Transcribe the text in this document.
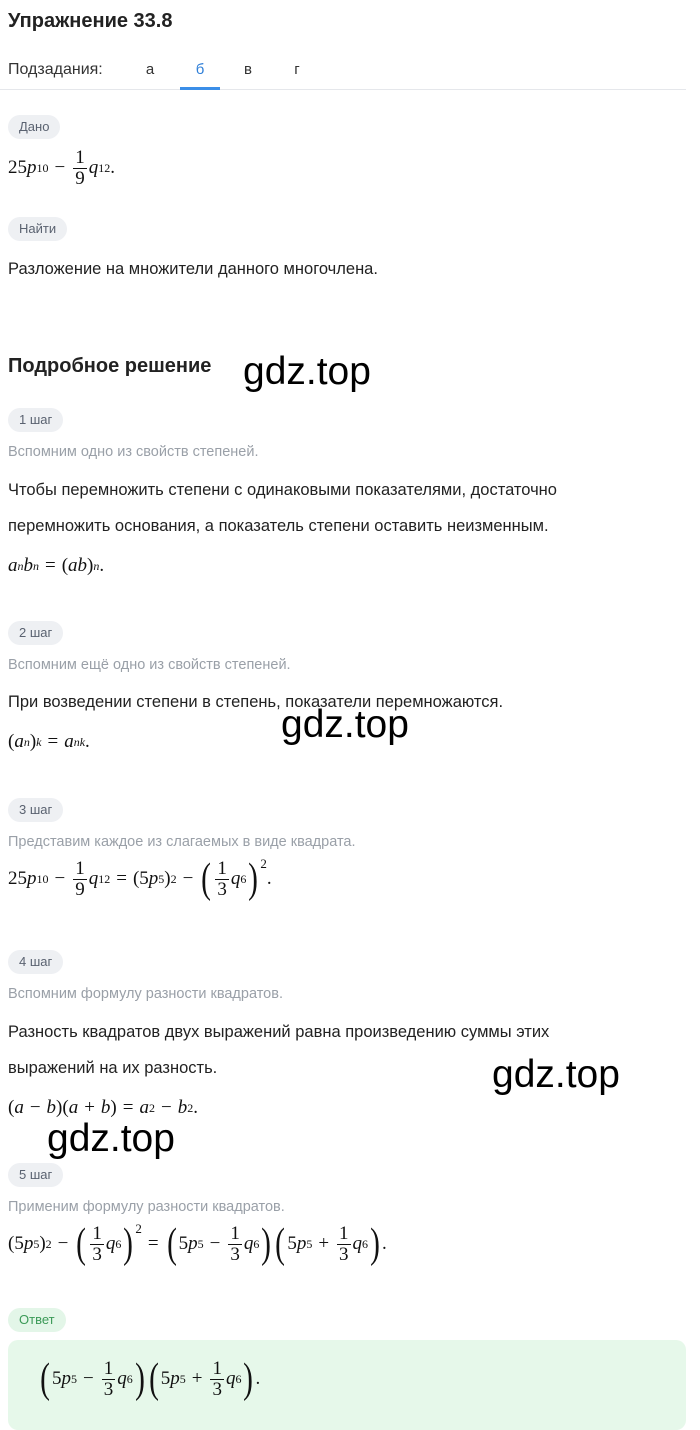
Упражнение 33.8
Подзадания:	а	б	в	г
Дано
25 p $10 - \frac{1}{9}$ q 12 .
Найти
Разложение на множители данного многочлена.
Подробное решение gdz.top
1 шаг
Вспомним одно из свойств степеней.
Чтобы перемножить степени с одинаковыми показателями, достаточно
перемножить основания, а показатель степени оставить неизменным.
a n b n = ( ab ) n .
2 шаг
Вспомним ещё одно из свойств степеней.
При возведении степени в степень, показатели перемножаются.
gdz.top
( a n ) k = a nk .
3 шаг
Представим каждое из слагаемых в виде квадрата.
25 p $10 - \frac{1}{9}$ q 12 = (5 p 5 ) 2 − ( $\frac{1}{3}$ q 6 ) 2
.
4 шаг
Вспомним формулу разности квадратов.
Разность квадратов двух выражений равна произведению суммы этих
выражений на их разность.	gdz.top
( a − b )( a + b ) = a 2 − b 2 .
gdz.top
5 шаг
Применим формулу разности квадратов.
(5 p 5 ) 2 − ( $\frac{1}{3}$ q 6 ) 2
= ( 5 p $5 - \frac{1}{3}$ q 6 ) ( 5 p $5 + \frac{1}{3}$ q 6 ) .
Ответ
( 5 p $5 - \frac{1}{3}$ q 6 ) ( 5 p $5 + \frac{1}{3}$ q 6 ) .
